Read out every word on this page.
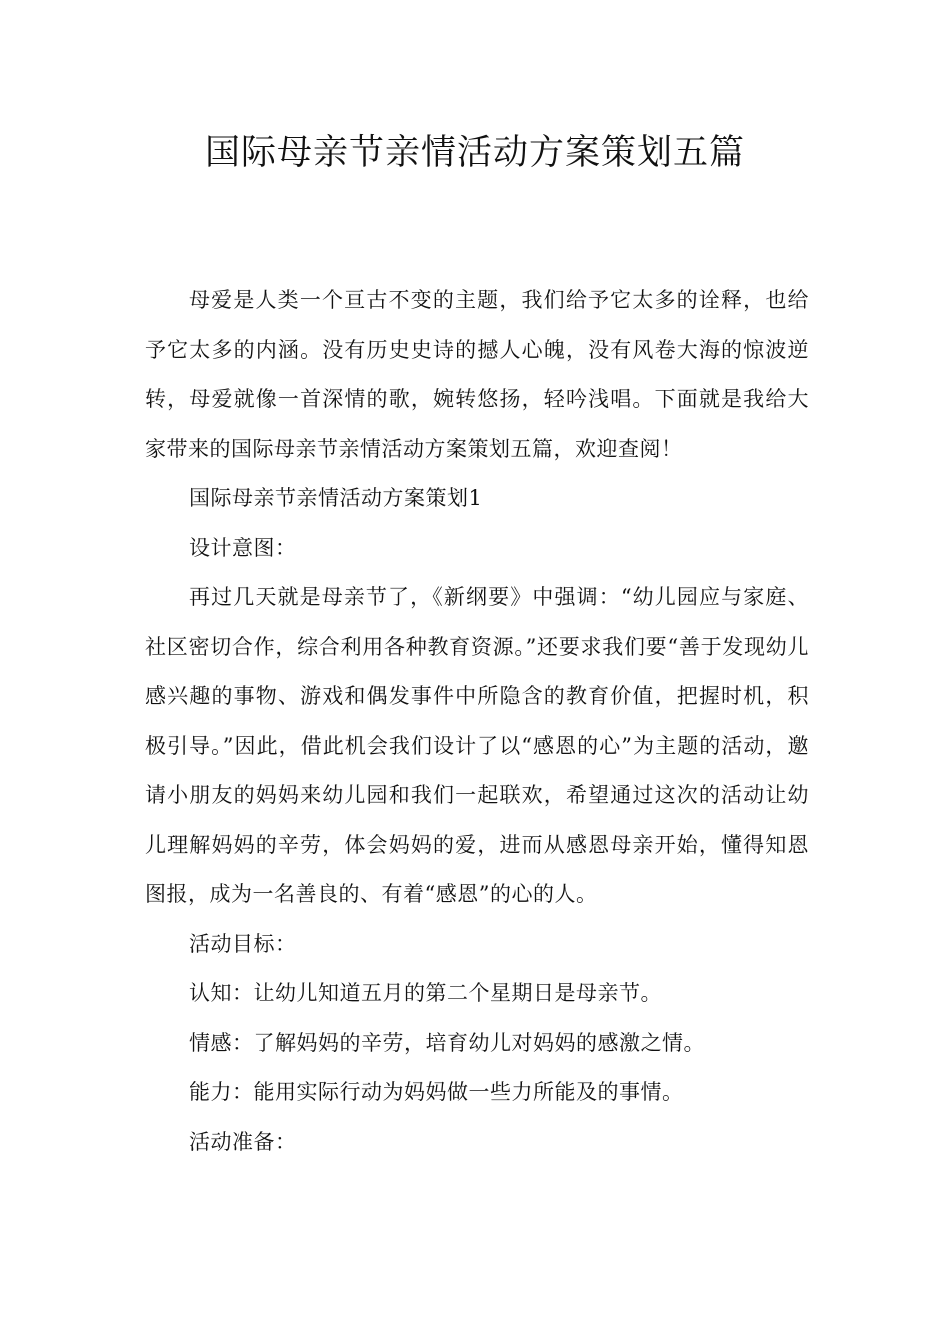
国际母亲节亲情活动方案策划五篇

母爱是人类一个亘古不变的主题，我们给予它太多的诠释，也给予它太多的内涵。没有历史史诗的撼人心魄，没有风卷大海的惊波逆转，母爱就像一首深情的歌，婉转悠扬，轻吟浅唱。下面就是我给大家带来的国际母亲节亲情活动方案策划五篇，欢迎查阅！

国际母亲节亲情活动方案策划1

设计意图：

再过几天就是母亲节了，《新纲要》中强调：“幼儿园应与家庭、社区密切合作，综合利用各种教育资源。”还要求我们要“善于发现幼儿感兴趣的事物、游戏和偶发事件中所隐含的教育价值，把握时机，积极引导。”因此，借此机会我们设计了以“感恩的心”为主题的活动，邀请小朋友的妈妈来幼儿园和我们一起联欢，希望通过这次的活动让幼儿理解妈妈的辛劳，体会妈妈的爱，进而从感恩母亲开始，懂得知恩图报，成为一名善良的、有着“感恩”的心的人。

活动目标：

认知：让幼儿知道五月的第二个星期日是母亲节。

情感：了解妈妈的辛劳，培育幼儿对妈妈的感激之情。

能力：能用实际行动为妈妈做一些力所能及的事情。

活动准备：
